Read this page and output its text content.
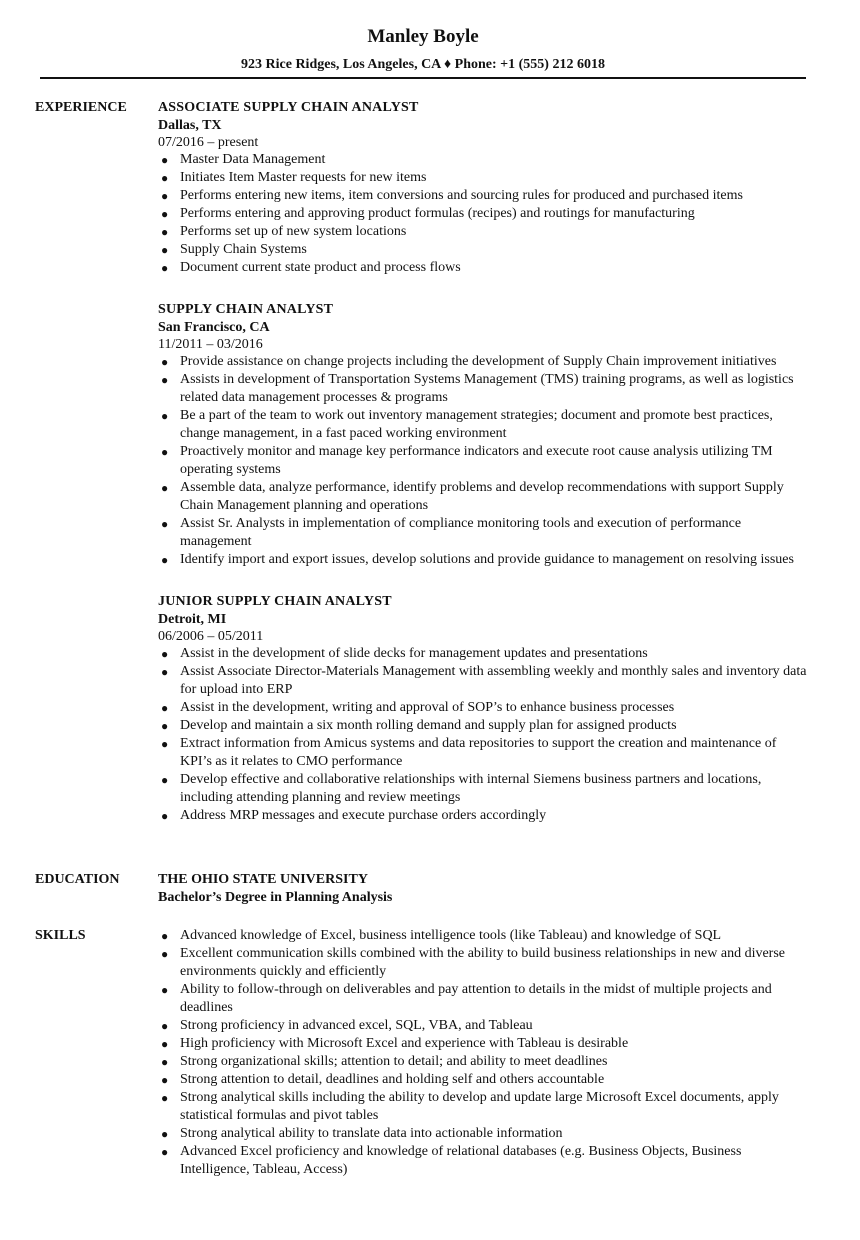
Manley Boyle
923 Rice Ridges, Los Angeles, CA ♦ Phone: +1 (555) 212 6018
EXPERIENCE ASSOCIATE SUPPLY CHAIN ANALYST
Dallas, TX
07/2016 – present
● Master Data Management
● Initiates Item Master requests for new items
● Performs entering new items, item conversions and sourcing rules for produced and purchased items
● Performs entering and approving product formulas (recipes) and routings for manufacturing
● Performs set up of new system locations
● Supply Chain Systems
● Document current state product and process flows
SUPPLY CHAIN ANALYST
San Francisco, CA
11/2011 – 03/2016
● Provide assistance on change projects including the development of Supply Chain improvement initiatives
● Assists in development of Transportation Systems Management (TMS) training programs, as well as logistics related data management processes & programs
● Be a part of the team to work out inventory management strategies; document and promote best practices, change management, in a fast paced working environment
● Proactively monitor and manage key performance indicators and execute root cause analysis utilizing TM operating systems
● Assemble data, analyze performance, identify problems and develop recommendations with support Supply Chain Management planning and operations
● Assist Sr. Analysts in implementation of compliance monitoring tools and execution of performance management
● Identify import and export issues, develop solutions and provide guidance to management on resolving issues
JUNIOR SUPPLY CHAIN ANALYST
Detroit, MI
06/2006 – 05/2011
● Assist in the development of slide decks for management updates and presentations
● Assist Associate Director-Materials Management with assembling weekly and monthly sales and inventory data for upload into ERP
● Assist in the development, writing and approval of SOP’s to enhance business processes
● Develop and maintain a six month rolling demand and supply plan for assigned products
● Extract information from Amicus systems and data repositories to support the creation and maintenance of KPI’s as it relates to CMO performance
● Develop effective and collaborative relationships with internal Siemens business partners and locations, including attending planning and review meetings
● Address MRP messages and execute purchase orders accordingly
EDUCATION	THE OHIO STATE UNIVERSITY
Bachelor’s Degree in Planning Analysis
SKILLS	● Advanced knowledge of Excel, business intelligence tools (like Tableau) and knowledge of SQL
● Excellent communication skills combined with the ability to build business relationships in new and diverse environments quickly and efficiently
● Ability to follow-through on deliverables and pay attention to details in the midst of multiple projects and deadlines
● Strong proficiency in advanced excel, SQL, VBA, and Tableau
● High proficiency with Microsoft Excel and experience with Tableau is desirable
● Strong organizational skills; attention to detail; and ability to meet deadlines
● Strong attention to detail, deadlines and holding self and others accountable
● Strong analytical skills including the ability to develop and update large Microsoft Excel documents, apply statistical formulas and pivot tables
● Strong analytical ability to translate data into actionable information
● Advanced Excel proficiency and knowledge of relational databases (e.g. Business Objects, Business Intelligence, Tableau, Access)
